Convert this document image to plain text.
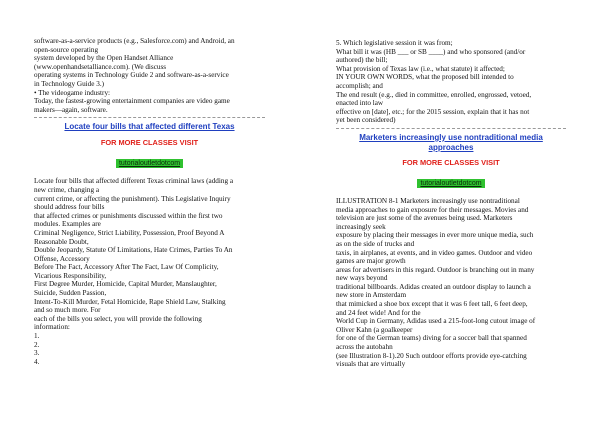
software-as-a-service products (e.g., Salesforce.com) and Android, an
open-source operating
system developed by the Open Handset Alliance
(www.openhandsetalliance.com). (We discuss
operating systems in Technology Guide 2 and software-as-a-service
in Technology Guide 3.)
• The videogame industry:
Today, the fastest-growing entertainment companies are video game
makers—again, software.
Locate four bills that affected different Texas
FOR MORE CLASSES VISIT
tutorialoutletdotcom
Locate four bills that affected different Texas criminal laws (adding a
new crime, changing a
current crime, or affecting the punishment). This Legislative Inquiry
should address four bills
that affected crimes or punishments discussed within the first two
modules. Examples are
Criminal Negligence, Strict Liability, Possession, Proof Beyond A
Reasonable Doubt,
Double Jeopardy, Statute Of Limitations, Hate Crimes, Parties To An
Offense, Accessory
Before The Fact, Accessory After The Fact, Law Of Complicity,
Vicarious Responsibility,
First Degree Murder, Homicide, Capital Murder, Manslaughter,
Suicide, Sudden Passion,
Intent-To-Kill Murder, Fetal Homicide, Rape Shield Law, Stalking
and so much more. For
each of the bills you select, you will provide the following
information:
1.
2.
3.
4.
5. Which legislative session it was from;
What bill it was (HB ___ or SB ____) and who sponsored (and/or
authored) the bill;
What provision of Texas law (i.e., what statute) it affected;
IN YOUR OWN WORDS, what the proposed bill intended to
accomplish; and
The end result (e.g., died in committee, enrolled, engrossed, vetoed,
enacted into law
effective on [date], etc.; for the 2015 session, explain that it has not
yet been considered)
Marketers increasingly use nontraditional media
approaches
FOR MORE CLASSES VISIT
tutorialoutletdotcom
ILLUSTRATION 8-1 Marketers increasingly use nontraditional
media approaches to gain exposure for their messages. Movies and
television are just some of the avenues being used. Marketers
increasingly seek
exposure by placing their messages in ever more unique media, such
as on the side of trucks and
taxis, in airplanes, at events, and in video games. Outdoor and video
games are major growth
areas for advertisers in this regard. Outdoor is branching out in many
new ways beyond
traditional billboards. Adidas created an outdoor display to launch a
new store in Amsterdam
that mimicked a shoe box except that it was 6 feet tall, 6 feet deep,
and 24 feet wide! And for the
World Cup in Germany, Adidas used a 215-foot-long cutout image of
Oliver Kahn (a goalkeeper
for one of the German teams) diving for a soccer ball that spanned
across the autobahn
(see Illustration 8-1).20 Such outdoor efforts provide eye-catching
visuals that are virtually
